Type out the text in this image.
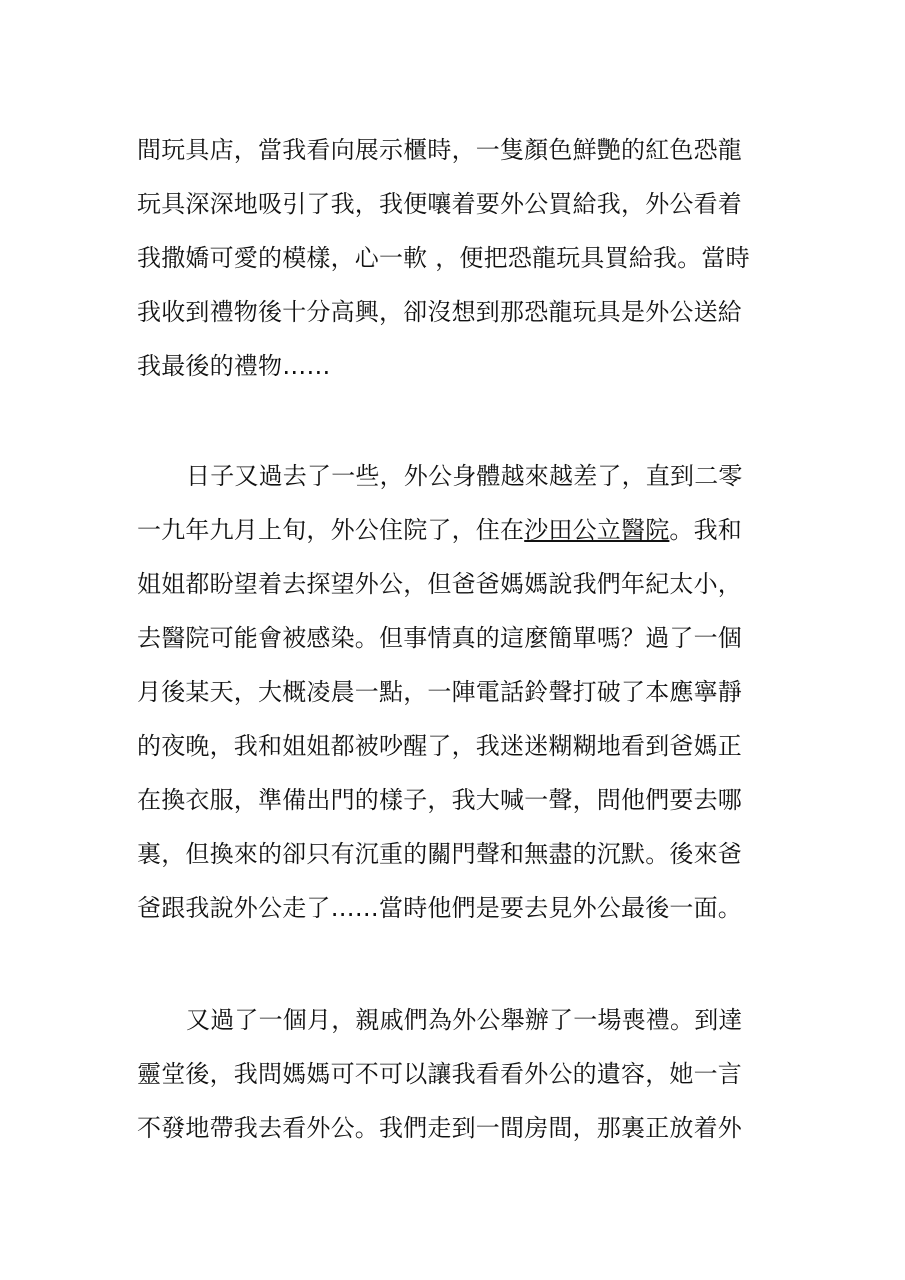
間玩具店，當我看向展示櫃時，一隻顏色鮮艷的紅色恐龍
玩具深深地吸引了我，我便嚷着要外公買給我，外公看着
我撒嬌可愛的模樣，心一軟 ，便把恐龍玩具買給我。當時
我收到禮物後十分高興，卻沒想到那恐龍玩具是外公送給
我最後的禮物……
日子又過去了一些，外公身體越來越差了，直到二零
一九年九月上旬，外公住院了，住在沙田公立醫院。我和
姐姐都盼望着去探望外公，但爸爸媽媽說我們年紀太小，
去醫院可能會被感染。但事情真的這麼簡單嗎？過了一個
月後某天，大概凌晨一點，一陣電話鈴聲打破了本應寧靜
的夜晚，我和姐姐都被吵醒了，我迷迷糊糊地看到爸媽正
在換衣服，準備出門的樣子，我大喊一聲，問他們要去哪
裏，但換來的卻只有沉重的關門聲和無盡的沉默。後來爸
爸跟我說外公走了……當時他們是要去見外公最後一面。
又過了一個月，親戚們為外公舉辦了一場喪禮。到達
靈堂後，我問媽媽可不可以讓我看看外公的遺容，她一言
不發地帶我去看外公。我們走到一間房間，那裏正放着外
